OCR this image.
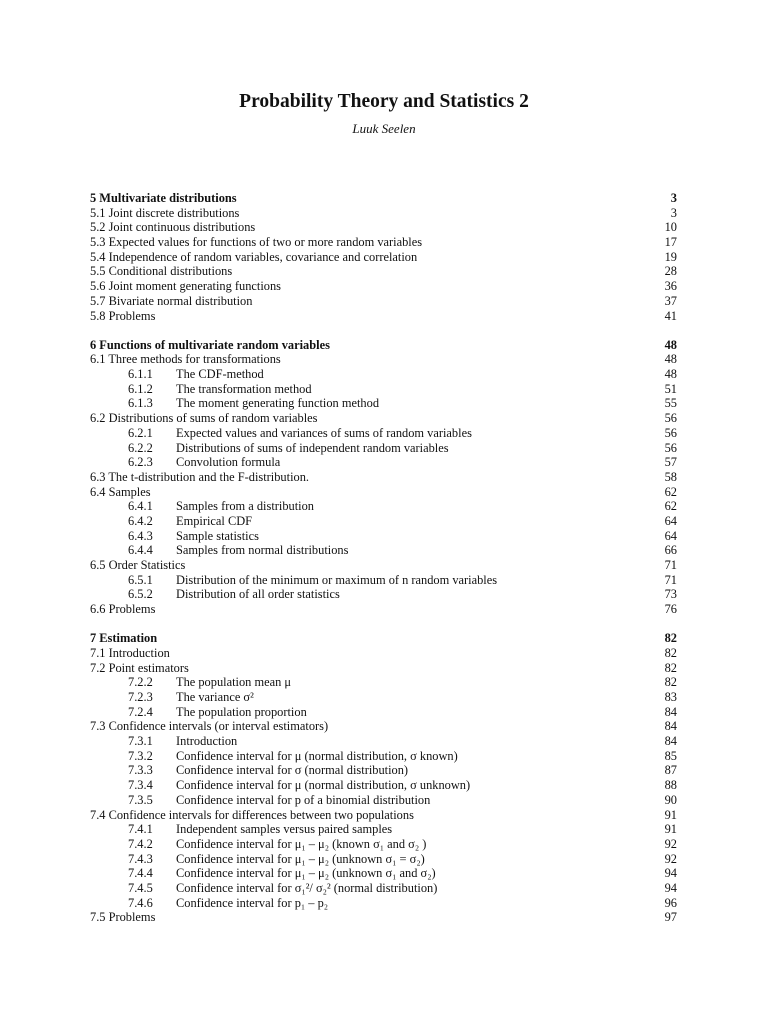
Probability Theory and Statistics 2
Luuk Seelen
5 Multivariate distributions	3
5.1 Joint discrete distributions	3
5.2 Joint continuous distributions	10
5.3 Expected values for functions of two or more random variables	17
5.4 Independence of random variables, covariance and correlation	19
5.5 Conditional distributions	28
5.6 Joint moment generating functions	36
5.7 Bivariate normal distribution	37
5.8 Problems	41
6 Functions of multivariate random variables	48
6.1 Three methods for transformations	48
6.1.1 The CDF-method	48
6.1.2 The transformation method	51
6.1.3 The moment generating function method	55
6.2 Distributions of sums of random variables	56
6.2.1 Expected values and variances of sums of random variables	56
6.2.2 Distributions of sums of independent random variables	56
6.2.3 Convolution formula	57
6.3 The t-distribution and the F-distribution.	58
6.4 Samples	62
6.4.1 Samples from a distribution	62
6.4.2 Empirical CDF	64
6.4.3 Sample statistics	64
6.4.4 Samples from normal distributions	66
6.5 Order Statistics	71
6.5.1 Distribution of the minimum or maximum of n random variables	71
6.5.2 Distribution of all order statistics	73
6.6 Problems	76
7 Estimation	82
7.1 Introduction	82
7.2 Point estimators	82
7.2.2 The population mean μ	82
7.2.3 The variance σ²	83
7.2.4 The population proportion	84
7.3 Confidence intervals (or interval estimators)	84
7.3.1 Introduction	84
7.3.2 Confidence interval for μ (normal distribution, σ known)	85
7.3.3 Confidence interval for σ (normal distribution)	87
7.3.4 Confidence interval for μ (normal distribution, σ unknown)	88
7.3.5 Confidence interval for p of a binomial distribution	90
7.4 Confidence intervals for differences between two populations	91
7.4.1 Independent samples versus paired samples	91
7.4.2 Confidence interval for μ₁ – μ₂ (known σ₁ and σ₂ )	92
7.4.3 Confidence interval for μ₁ – μ₂ (unknown σ₁ = σ₂)	92
7.4.4 Confidence interval for μ₁ – μ₂ (unknown σ₁ and σ₂)	94
7.4.5 Confidence interval for σ₁²/ σ₂² (normal distribution)	94
7.4.6 Confidence interval for p₁ – p₂	96
7.5 Problems	97
